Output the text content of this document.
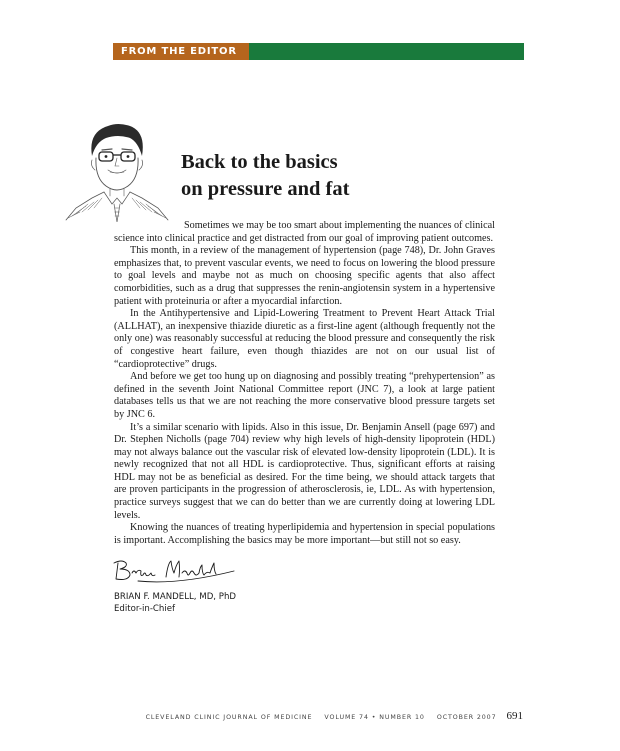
FROM THE EDITOR
Back to the basics
on pressure and fat

Sometimes we may be too smart about implementing the nuances of clinical science into clinical practice and get distracted from our goal of improving patient outcomes.

This month, in a review of the management of hypertension (page 748), Dr. John Graves emphasizes that, to prevent vascular events, we need to focus on lowering the blood pressure to goal levels and maybe not as much on choosing specific agents that also affect comorbidities, such as a drug that suppresses the renin-angiotensin system in a hypertensive patient with proteinuria or after a myocardial infarction.

In the Antihypertensive and Lipid-Lowering Treatment to Prevent Heart Attack Trial (ALLHAT), an inexpensive thiazide diuretic as a first-line agent (although frequently not the only one) was reasonably successful at reducing the blood pressure and consequently the risk of congestive heart failure, even though thiazides are not on our usual list of “cardioprotective” drugs.

And before we get too hung up on diagnosing and possibly treating “prehypertension” as defined in the seventh Joint National Committee report (JNC 7), a look at large patient databases tells us that we are not reaching the more conservative blood pressure targets set by JNC 6.

It’s a similar scenario with lipids. Also in this issue, Dr. Benjamin Ansell (page 697) and Dr. Stephen Nicholls (page 704) review why high levels of high-density lipoprotein (HDL) may not always balance out the vascular risk of elevated low-density lipoprotein (LDL). It is newly recognized that not all HDL is cardioprotective. Thus, significant efforts at raising HDL may not be as beneficial as desired. For the time being, we should attack targets that are proven participants in the progression of atherosclerosis, ie, LDL. As with hypertension, practice surveys suggest that we can do better than we are currently doing at lowering LDL levels.

Knowing the nuances of treating hyperlipidemia and hypertension in special populations is important. Accomplishing the basics may be more important—but still not so easy.

BRIAN F. MANDELL, MD, PhD
Editor-in-Chief
CLEVELAND CLINIC JOURNAL OF MEDICINE VOLUME 74 • NUMBER 10 OCTOBER 2007 691
